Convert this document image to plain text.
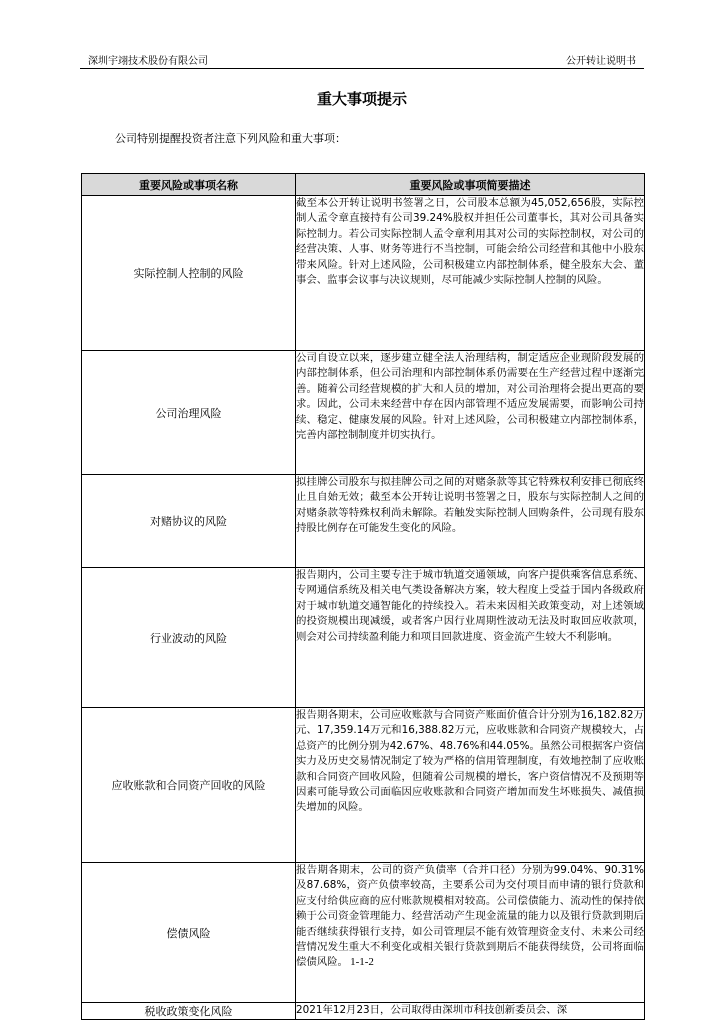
深圳宇翊技术股份有限公司	公开转让说明书
重大事项提示
公司特别提醒投资者注意下列风险和重大事项：
重要风险或事项名称	重要风险或事项简要描述
实际控制人控制的风险	截至本公开转让说明书签署之日，公司股本总额为45,052,656股，实际控制人孟令章直接持有公司39.24%股权并担任公司董事长，其对公司具备实际控制力。若公司实际控制人孟令章利用其对公司的实际控制权，对公司的经营决策、人事、财务等进行不当控制，可能会给公司经营和其他中小股东带来风险。针对上述风险，公司积极建立内部控制体系，健全股东大会、董事会、监事会议事与决议规则，尽可能减少实际控制人控制的风险。
公司治理风险	公司自设立以来，逐步建立健全法人治理结构，制定适应企业现阶段发展的内部控制体系，但公司治理和内部控制体系仍需要在生产经营过程中逐渐完善。随着公司经营规模的扩大和人员的增加，对公司治理将会提出更高的要求。因此，公司未来经营中存在因内部管理不适应发展需要，而影响公司持续、稳定、健康发展的风险。针对上述风险，公司积极建立内部控制体系，完善内部控制制度并切实执行。
对赌协议的风险	拟挂牌公司股东与拟挂牌公司之间的对赌条款等其它特殊权利安排已彻底终止且自始无效；截至本公开转让说明书签署之日，股东与实际控制人之间的对赌条款等特殊权利尚未解除。若触发实际控制人回购条件，公司现有股东持股比例存在可能发生变化的风险。
行业波动的风险	报告期内，公司主要专注于城市轨道交通领域，向客户提供乘客信息系统、专网通信系统及相关电气类设备解决方案，较大程度上受益于国内各级政府对于城市轨道交通智能化的持续投入。若未来因相关政策变动，对上述领域的投资规模出现减缓，或者客户因行业周期性波动无法及时取回应收款项，则会对公司持续盈利能力和项目回款进度、资金流产生较大不利影响。
应收账款和合同资产回收的风险	报告期各期末，公司应收账款与合同资产账面价值合计分别为16,182.82万元、17,359.14万元和16,388.82万元，应收账款和合同资产规模较大，占总资产的比例分别为42.67%、48.76%和44.05%。虽然公司根据客户资信实力及历史交易情况制定了较为严格的信用管理制度，有效地控制了应收账款和合同资产回收风险，但随着公司规模的增长，客户资信情况不及预期等因素可能导致公司面临因应收账款和合同资产增加而发生坏账损失、减值损失增加的风险。
偿债风险	报告期各期末，公司的资产负债率（合并口径）分别为99.04%、90.31%及87.68%，资产负债率较高，主要系公司为交付项目而申请的银行贷款和应支付给供应商的应付账款规模相对较高。公司偿债能力、流动性的保持依赖于公司资金管理能力、经营活动产生现金流量的能力以及银行贷款到期后能否继续获得银行支持，如公司管理层不能有效管理资金支付、未来公司经营情况发生重大不利变化或相关银行贷款到期后不能获得续贷，公司将面临偿债风险。
税收政策变化风险	2021年12月23日，公司取得由深圳市科技创新委员会、深
1-1-2
